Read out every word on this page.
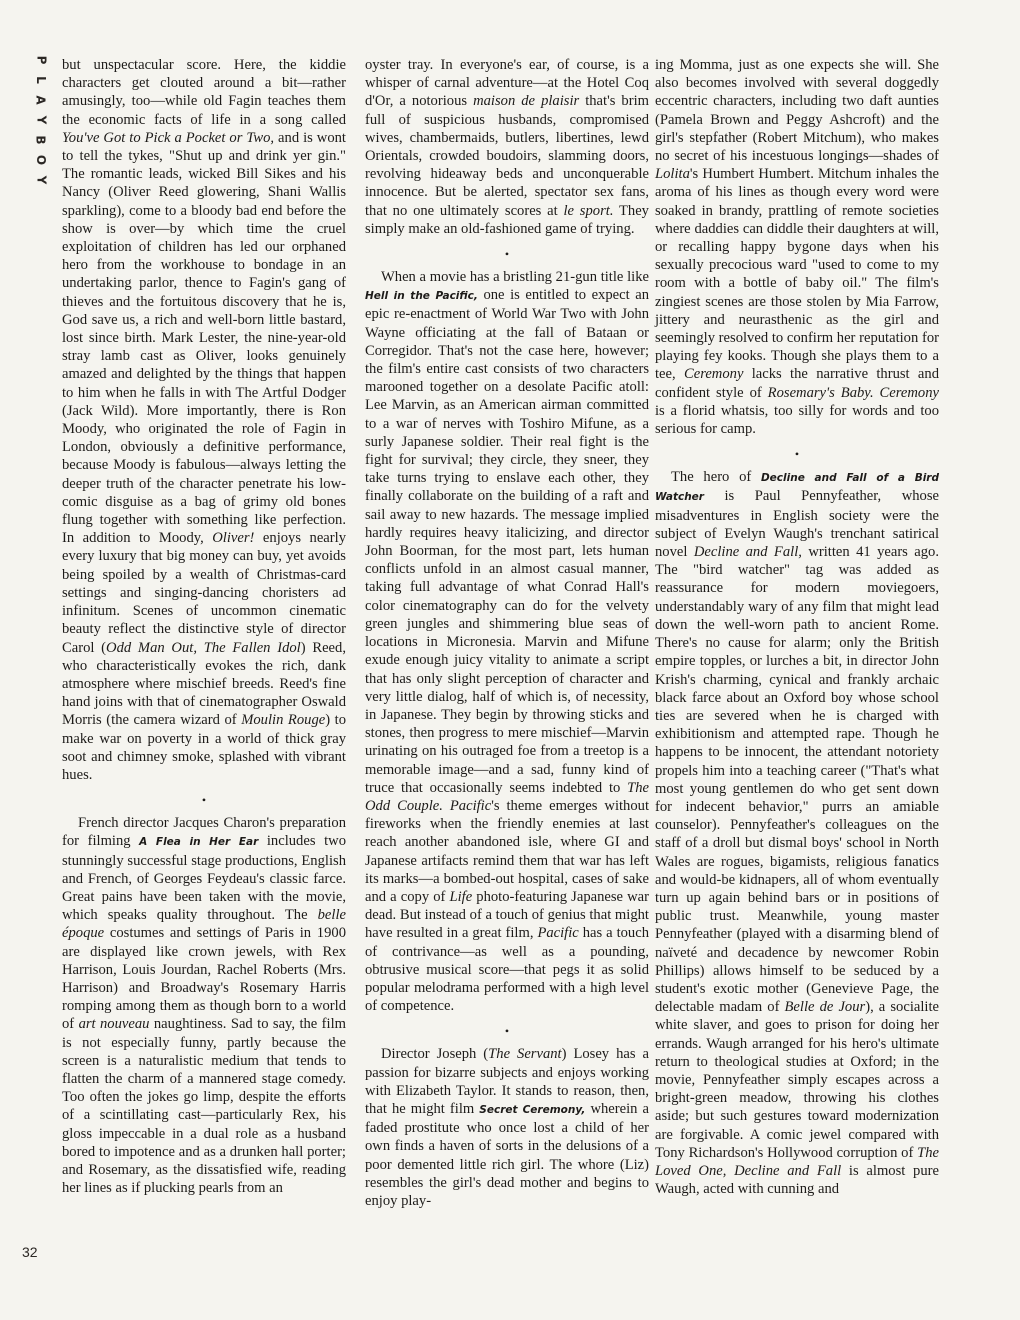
P
L
A
Y
B
O
Y
32

but unspectacular score. Here, the kiddie characters get clouted around a bit—rather amusingly, too—while old Fagin teaches them the economic facts of life in a song called You've Got to Pick a Pocket or Two, and is wont to tell the tykes, "Shut up and drink yer gin." The romantic leads, wicked Bill Sikes and his Nancy (Oliver Reed glowering, Shani Wallis sparkling), come to a bloody bad end before the show is over—by which time the cruel exploitation of children has led our orphaned hero from the workhouse to bondage in an undertaking parlor, thence to Fagin's gang of thieves and the fortuitous discovery that he is, God save us, a rich and well-born little bastard, lost since birth. Mark Lester, the nine-year-old stray lamb cast as Oliver, looks genuinely amazed and delighted by the things that happen to him when he falls in with The Artful Dodger (Jack Wild). More importantly, there is Ron Moody, who originated the role of Fagin in London, obviously a definitive performance, because Moody is fabulous—always letting the deeper truth of the character penetrate his low-comic disguise as a bag of grimy old bones flung together with something like perfection. In addition to Moody, Oliver! enjoys nearly every luxury that big money can buy, yet avoids being spoiled by a wealth of Christmas-card settings and singing-dancing choristers ad infinitum. Scenes of uncommon cinematic beauty reflect the distinctive style of director Carol (Odd Man Out, The Fallen Idol) Reed, who characteristically evokes the rich, dank atmosphere where mischief breeds. Reed's fine hand joins with that of cinematographer Oswald Morris (the camera wizard of Moulin Rouge) to make war on poverty in a world of thick gray soot and chimney smoke, splashed with vibrant hues.

•

French director Jacques Charon's preparation for filming A Flea in Her Ear includes two stunningly successful stage productions, English and French, of Georges Feydeau's classic farce. Great pains have been taken with the movie, which speaks quality throughout. The belle époque costumes and settings of Paris in 1900 are displayed like crown jewels, with Rex Harrison, Louis Jourdan, Rachel Roberts (Mrs. Harrison) and Broadway's Rosemary Harris romping among them as though born to a world of art nouveau naughtiness. Sad to say, the film is not especially funny, partly because the screen is a naturalistic medium that tends to flatten the charm of a mannered stage comedy. Too often the jokes go limp, despite the efforts of a scintillating cast—particularly Rex, his gloss impeccable in a dual role as a husband bored to impotence and as a drunken hall porter; and Rosemary, as the dissatisfied wife, reading her lines as if plucking pearls from an

oyster tray. In everyone's ear, of course, is a whisper of carnal adventure—at the Hotel Coq d'Or, a notorious maison de plaisir that's brim full of suspicious husbands, compromised wives, chambermaids, butlers, libertines, lewd Orientals, crowded boudoirs, slamming doors, revolving hideaway beds and unconquerable innocence. But be alerted, spectator sex fans, that no one ultimately scores at le sport. They simply make an old-fashioned game of trying.

•

When a movie has a bristling 21-gun title like Hell in the Pacific, one is entitled to expect an epic re-enactment of World War Two with John Wayne officiating at the fall of Bataan or Corregidor. That's not the case here, however; the film's entire cast consists of two characters marooned together on a desolate Pacific atoll: Lee Marvin, as an American airman committed to a war of nerves with Toshiro Mifune, as a surly Japanese soldier. Their real fight is the fight for survival; they circle, they sneer, they take turns trying to enslave each other, they finally collaborate on the building of a raft and sail away to new hazards. The message implied hardly requires heavy italicizing, and director John Boorman, for the most part, lets human conflicts unfold in an almost casual manner, taking full advantage of what Conrad Hall's color cinematography can do for the velvety green jungles and shimmering blue seas of locations in Micronesia. Marvin and Mifune exude enough juicy vitality to animate a script that has only slight perception of character and very little dialog, half of which is, of necessity, in Japanese. They begin by throwing sticks and stones, then progress to mere mischief—Marvin urinating on his outraged foe from a treetop is a memorable image—and a sad, funny kind of truce that occasionally seems indebted to The Odd Couple. Pacific's theme emerges without fireworks when the friendly enemies at last reach another abandoned isle, where GI and Japanese artifacts remind them that war has left its marks—a bombed-out hospital, cases of sake and a copy of Life photo-featuring Japanese war dead. But instead of a touch of genius that might have resulted in a great film, Pacific has a touch of contrivance—as well as a pounding, obtrusive musical score—that pegs it as solid popular melodrama performed with a high level of competence.

•

Director Joseph (The Servant) Losey has a passion for bizarre subjects and enjoys working with Elizabeth Taylor. It stands to reason, then, that he might film Secret Ceremony, wherein a faded prostitute who once lost a child of her own finds a haven of sorts in the delusions of a poor demented little rich girl. The whore (Liz) resembles the girl's dead mother and begins to enjoy play-

ing Momma, just as one expects she will. She also becomes involved with several doggedly eccentric characters, including two daft aunties (Pamela Brown and Peggy Ashcroft) and the girl's stepfather (Robert Mitchum), who makes no secret of his incestuous longings—shades of Lolita's Humbert Humbert. Mitchum inhales the aroma of his lines as though every word were soaked in brandy, prattling of remote societies where daddies can diddle their daughters at will, or recalling happy bygone days when his sexually precocious ward "used to come to my room with a bottle of baby oil." The film's zingiest scenes are those stolen by Mia Farrow, jittery and neurasthenic as the girl and seemingly resolved to confirm her reputation for playing fey kooks. Though she plays them to a tee, Ceremony lacks the narrative thrust and confident style of Rosemary's Baby. Ceremony is a florid whatsis, too silly for words and too serious for camp.

•

The hero of Decline and Fall of a Bird Watcher is Paul Pennyfeather, whose misadventures in English society were the subject of Evelyn Waugh's trenchant satirical novel Decline and Fall, written 41 years ago. The "bird watcher" tag was added as reassurance for modern moviegoers, understandably wary of any film that might lead down the well-worn path to ancient Rome. There's no cause for alarm; only the British empire topples, or lurches a bit, in director John Krish's charming, cynical and frankly archaic black farce about an Oxford boy whose school ties are severed when he is charged with exhibitionism and attempted rape. Though he happens to be innocent, the attendant notoriety propels him into a teaching career ("That's what most young gentlemen do who get sent down for indecent behavior," purrs an amiable counselor). Pennyfeather's colleagues on the staff of a droll but dismal boys' school in North Wales are rogues, bigamists, religious fanatics and would-be kidnapers, all of whom eventually turn up again behind bars or in positions of public trust. Meanwhile, young master Pennyfeather (played with a disarming blend of naïveté and decadence by newcomer Robin Phillips) allows himself to be seduced by a student's exotic mother (Genevieve Page, the delectable madam of Belle de Jour), a socialite white slaver, and goes to prison for doing her errands. Waugh arranged for his hero's ultimate return to theological studies at Oxford; in the movie, Pennyfeather simply escapes across a bright-green meadow, throwing his clothes aside; but such gestures toward modernization are forgivable. A comic jewel compared with Tony Richardson's Hollywood corruption of The Loved One, Decline and Fall is almost pure Waugh, acted with cunning and
